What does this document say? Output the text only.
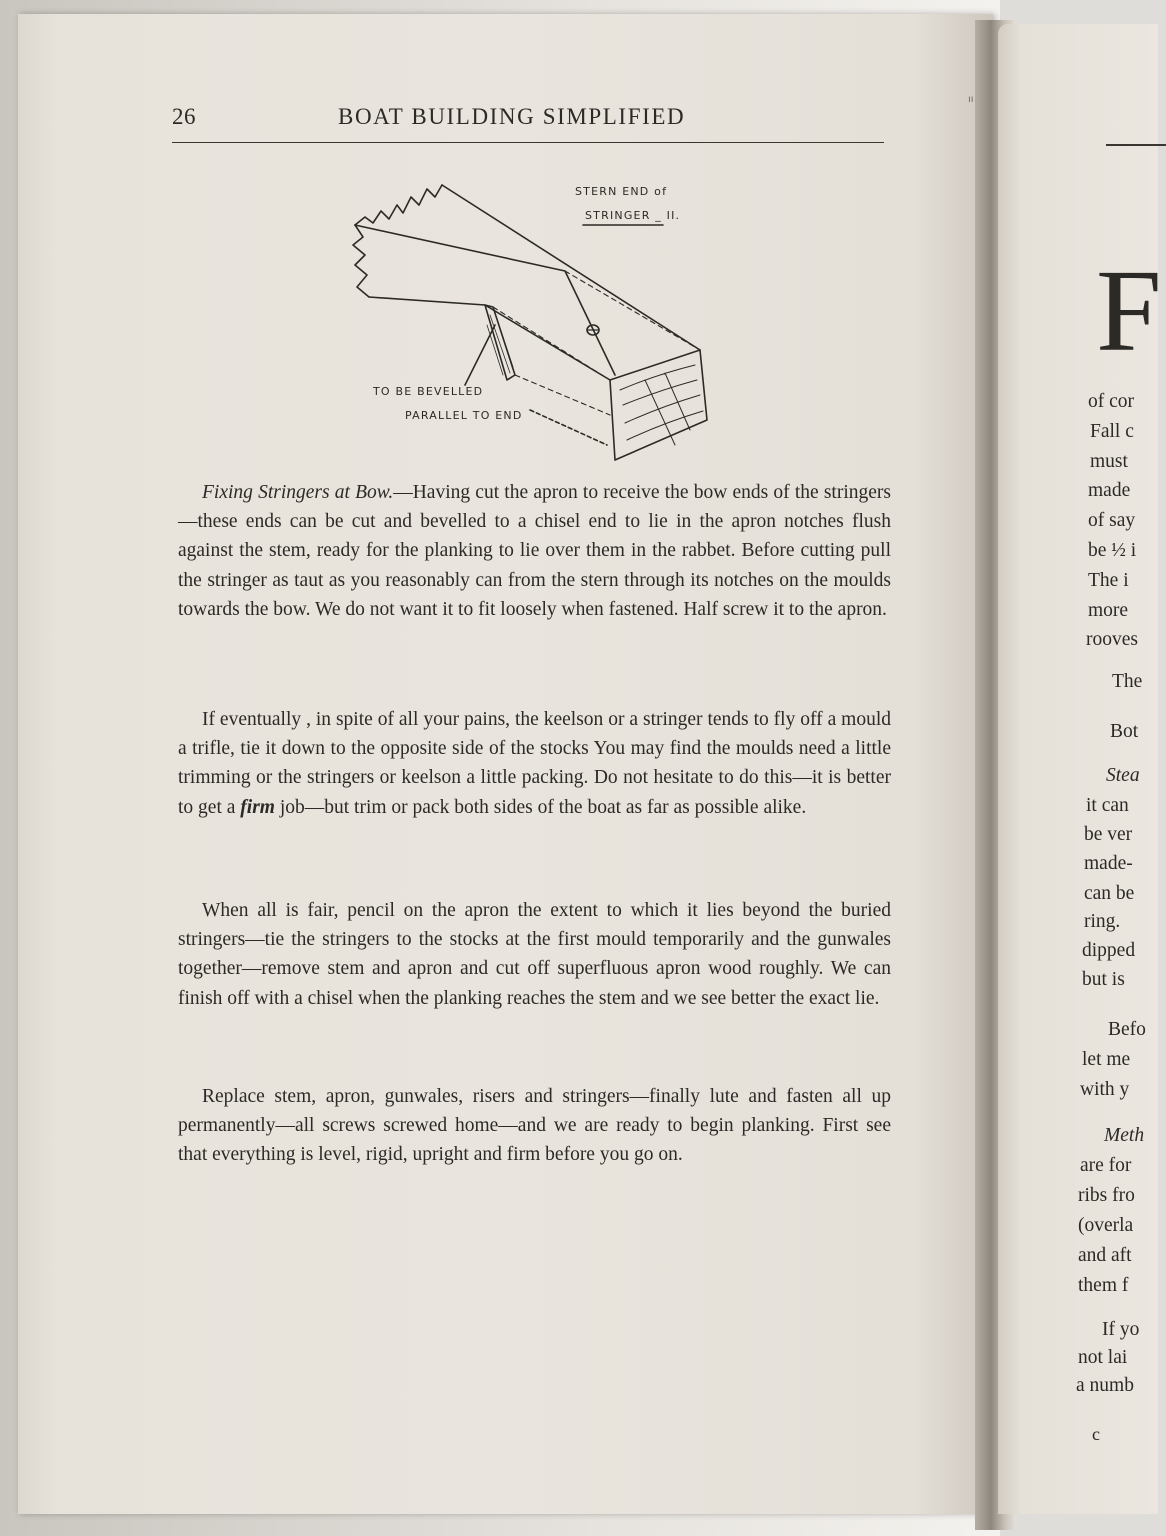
F
of cor
Fall c
must
made
of say
be ½ i
The i
more
rooves
The
Bot
Stea
it can
be ver
made-
can be
ring.
dipped
but is
Befo
let me
with y
Meth
are for
ribs fro
(overla
and aft
them f
If yo
not lai
a numb
c
ıı
26	BOAT BUILDING SIMPLIFIED
STERN END of
STRINGER _ II.
TO BE BEVELLED
PARALLEL TO END
Fixing Stringers at Bow.—Having cut the apron to receive the bow ends of the stringers—these ends can be cut and bevelled to a chisel end to lie in the apron notches flush against the stem, ready for the planking to lie over them in the rabbet. Before cutting pull the stringer as taut as you reasonably can from the stern through its notches on the moulds towards the bow. We do not want it to fit loosely when fastened. Half screw it to the apron.
If eventually , in spite of all your pains, the keelson or a stringer tends to fly off a mould a trifle, tie it down to the opposite side of the stocks You may find the moulds need a little trimming or the stringers or keelson a little packing. Do not hesitate to do this—it is better to get a firm job—but trim or pack both sides of the boat as far as possible alike.
When all is fair, pencil on the apron the extent to which it lies beyond the buried stringers—tie the stringers to the stocks at the first mould temporarily and the gunwales together—remove stem and apron and cut off superfluous apron wood roughly. We can finish off with a chisel when the planking reaches the stem and we see better the exact lie.
Replace stem, apron, gunwales, risers and stringers—finally lute and fasten all up permanently—all screws screwed home—and we are ready to begin planking. First see that everything is level, rigid, upright and firm before you go on.
